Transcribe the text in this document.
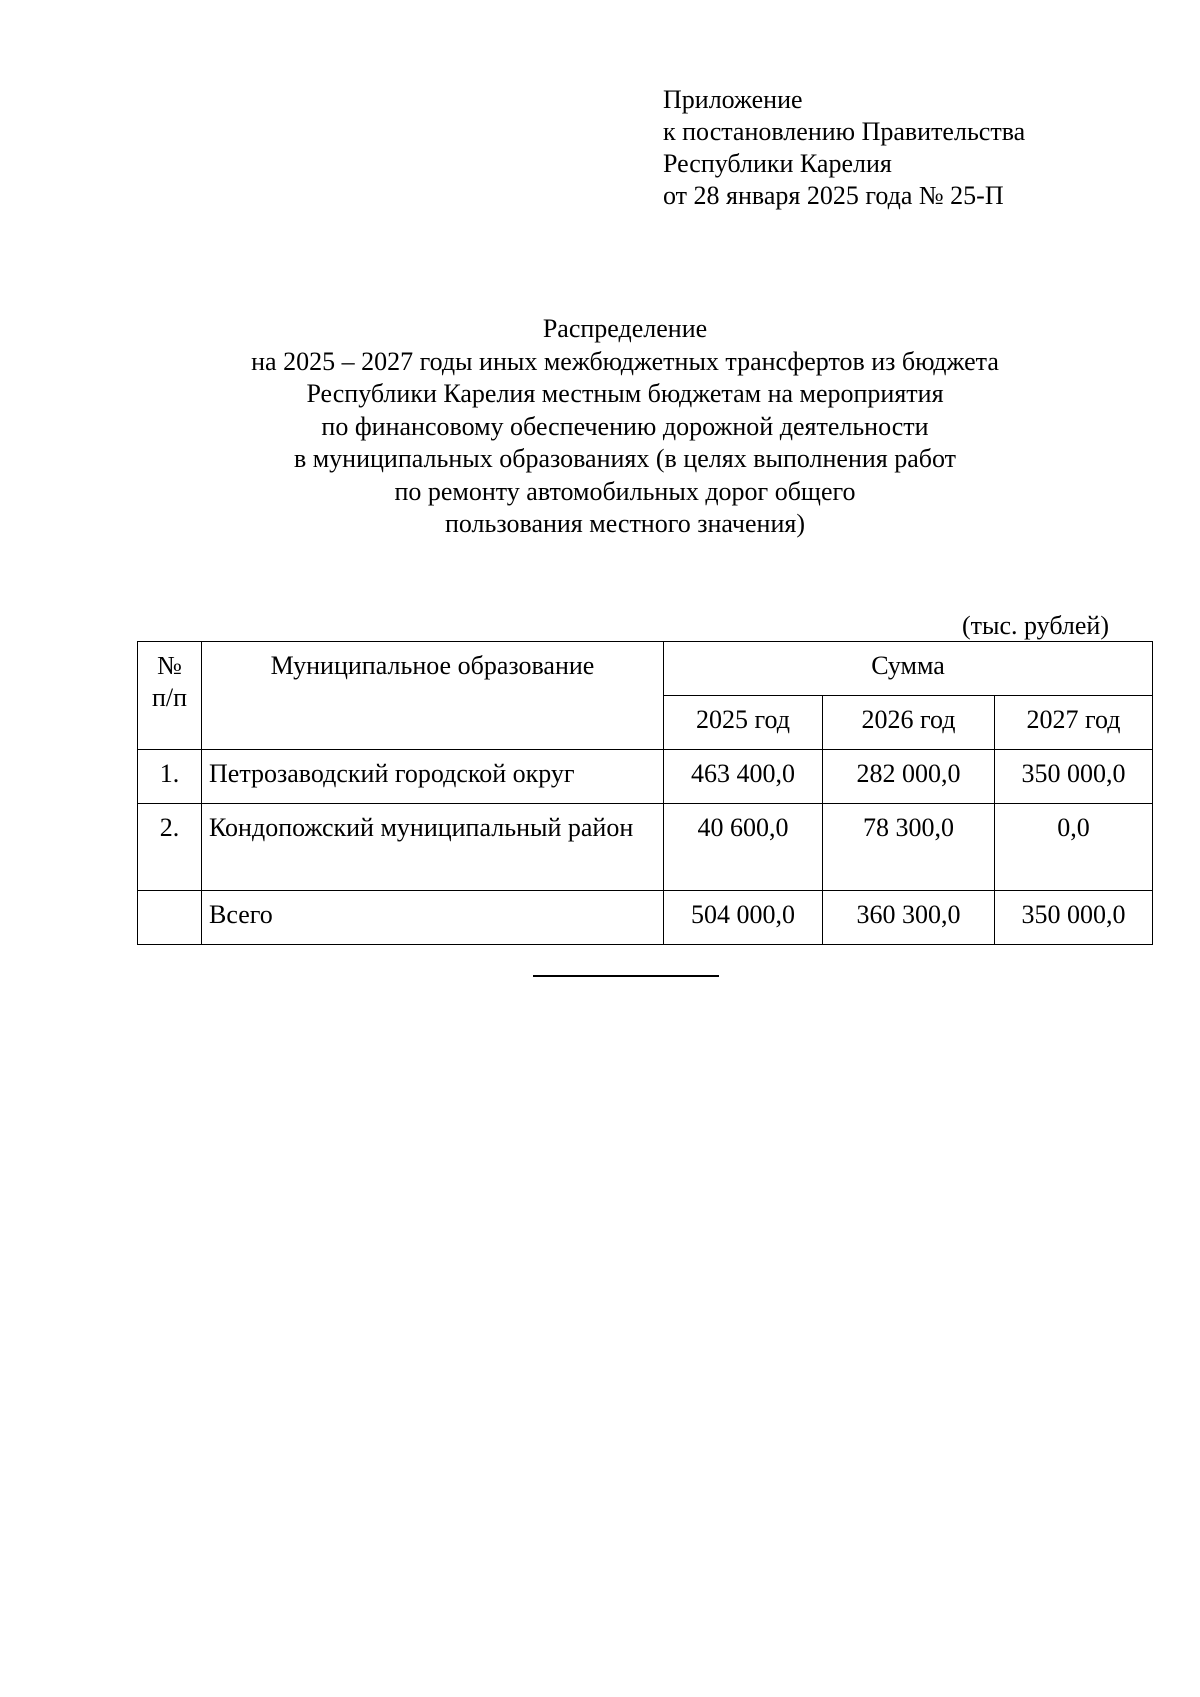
Приложение
к постановлению Правительства
Республики Карелия
от 28 января 2025 года № 25-П
Распределение
на 2025 – 2027 годы иных межбюджетных трансфертов из бюджета
Республики Карелия местным бюджетам на мероприятия
по финансовому обеспечению дорожной деятельности
в муниципальных образованиях (в целях выполнения работ
по ремонту автомобильных дорог общего
пользования местного значения)
(тыс. рублей)
№
п/п	Муниципальное образование	Сумма		
		2025 год	2026 год	2027 год
1.	Петрозаводский городской округ	463 400,0	282 000,0	350 000,0
2.	Кондопожский муниципальный район	40 600,0	78 300,0	0,0
	Всего	504 000,0	360 300,0	350 000,0
